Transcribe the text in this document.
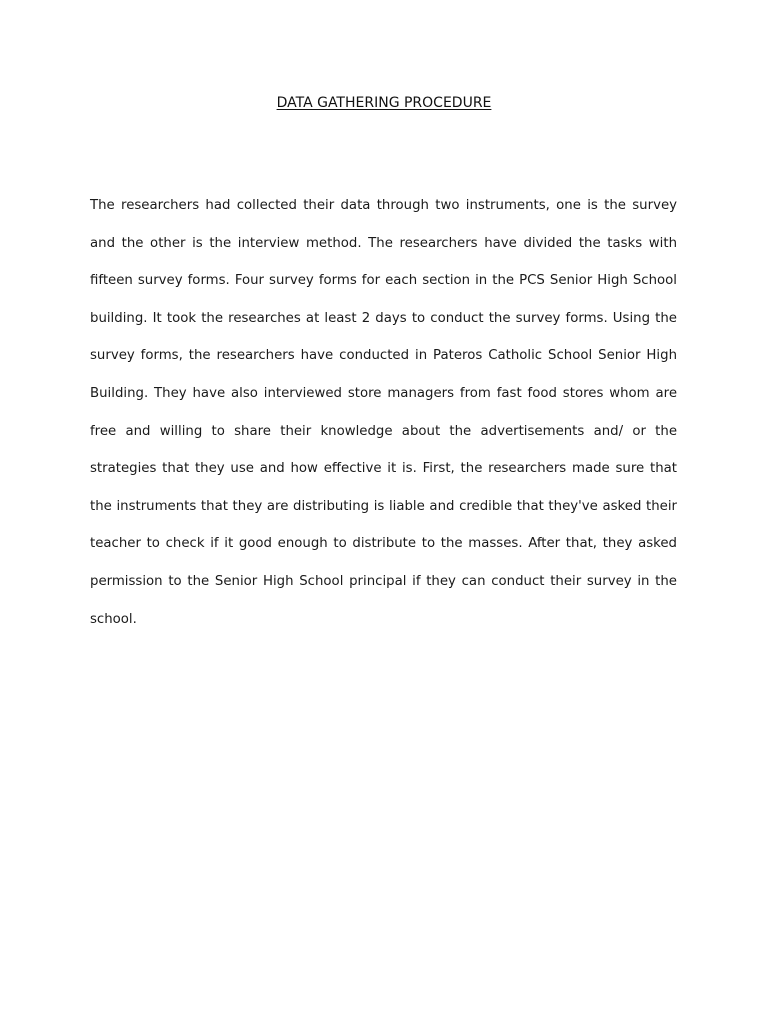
DATA GATHERING PROCEDURE

The researchers had collected their data through two instruments, one is the survey and the other is the interview method. The researchers have divided the tasks with fifteen survey forms. Four survey forms for each section in the PCS Senior High School building. It took the researches at least 2 days to conduct the survey forms. Using the survey forms, the researchers have conducted in Pateros Catholic School Senior High Building. They have also interviewed store managers from fast food stores whom are free and willing to share their knowledge about the advertisements and/ or the strategies that they use and how effective it is. First, the researchers made sure that the instruments that they are distributing is liable and credible that they've asked their teacher to check if it good enough to distribute to the masses. After that, they asked permission to the Senior High School principal if they can conduct their survey in the school.
